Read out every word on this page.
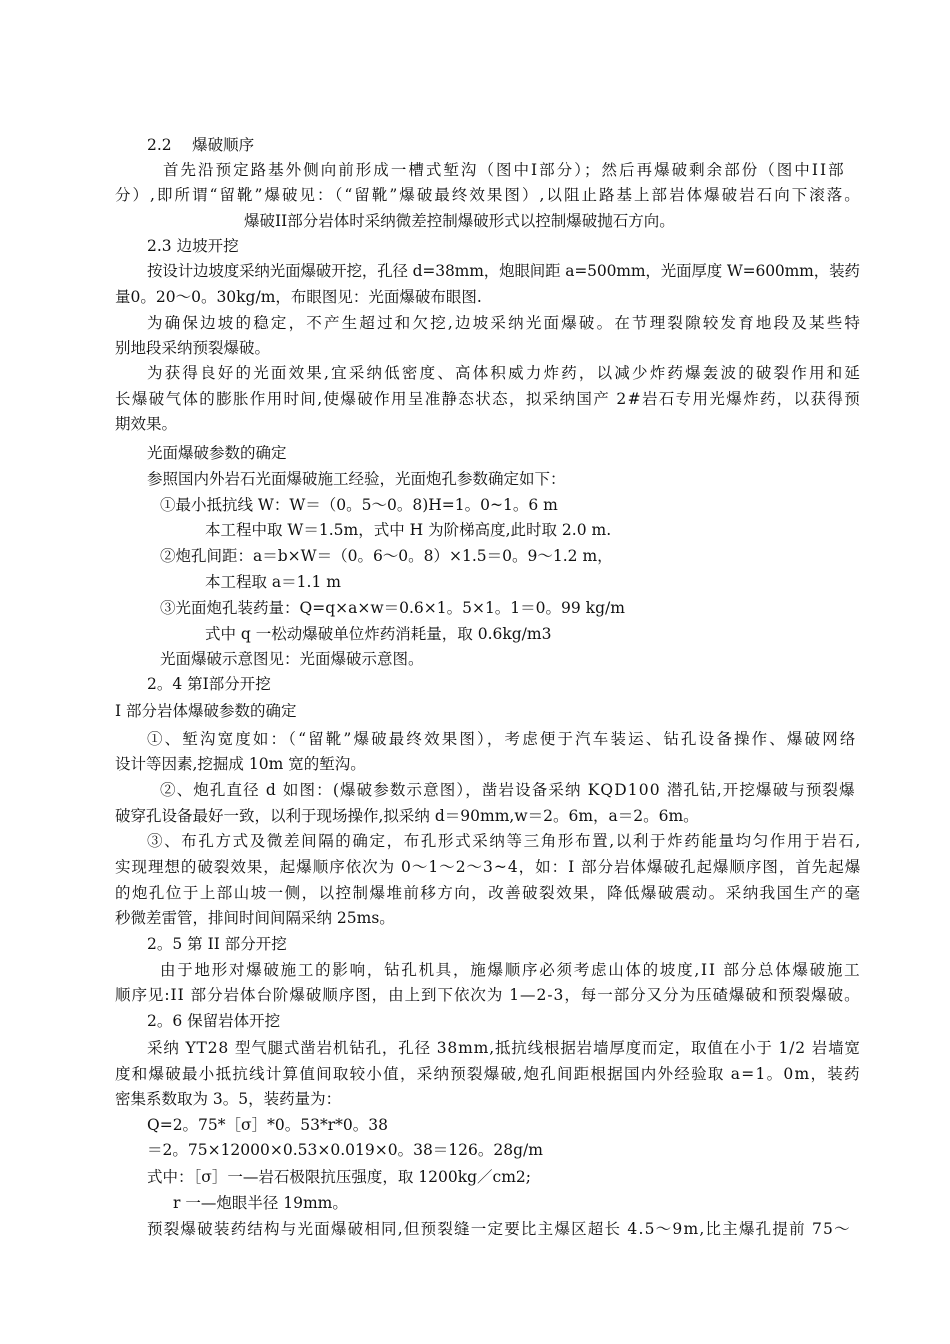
2.2　 爆破顺序
首先沿预定路基外侧向前形成一槽式堑沟（图中Ⅰ部分）；然后再爆破剩余部份（图中II部
分）,即所谓“留靴”爆破见：（“留靴”爆破最终效果图）,以阻止路基上部岩体爆破岩石向下滚落。
爆破II部分岩体时采纳微差控制爆破形式以控制爆破抛石方向。
2.3 边坡开挖
按设计边坡度采纳光面爆破开挖，孔径 d=38mm，炮眼间距 a=500mm，光面厚度 W=600mm，装药
量0。20～0。30kg/m，布眼图见：光面爆破布眼图.
为确保边坡的稳定，不产生超过和欠挖,边坡采纳光面爆破。在节理裂隙较发育地段及某些特
别地段采纳预裂爆破。
为获得良好的光面效果,宜采纳低密度、高体积威力炸药，以减少炸药爆轰波的破裂作用和延
长爆破气体的膨胀作用时间,使爆破作用呈准静态状态，拟采纳国产 2#岩石专用光爆炸药，以获得预
期效果。
光面爆破参数的确定
参照国内外岩石光面爆破施工经验，光面炮孔参数确定如下：
①最小抵抗线 W：W＝（0。5～0。8)H=1。0~1。6 m
本工程中取 W＝1.5m，式中 H 为阶梯高度,此时取 2.0 m.
②炮孔间距：a＝b×W＝（0。6～0。8）×1.5＝0。9～1.2 m，
本工程取 a＝1.1 m
③光面炮孔装药量：Q=q×a×w＝0.6×1。5×1。1＝0。99 kg/m
式中 q 一松动爆破单位炸药消耗量，取 0.6kg/m3
光面爆破示意图见：光面爆破示意图。
2。4 第Ⅰ部分开挖
I 部分岩体爆破参数的确定
①、堑沟宽度如：（“留靴”爆破最终效果图），考虑便于汽车装运、钻孔设备操作、爆破网络
设计等因素,挖掘成 10m 宽的堑沟。
②、炮孔直径 d 如图：(爆破参数示意图），凿岩设备采纳 KQD100 潜孔钻,开挖爆破与预裂爆
破穿孔设备最好一致，以利于现场操作,拟采纳 d＝90mm,w＝2。6m，a＝2。6m。
③、布孔方式及微差间隔的确定，布孔形式采纳等三角形布置,以利于炸药能量均匀作用于岩石,
实现理想的破裂效果，起爆顺序依次为 0～1～2～3~4，如：I 部分岩体爆破孔起爆顺序图，首先起爆
的炮孔位于上部山坡一侧，以控制爆堆前移方向，改善破裂效果，降低爆破震动。采纳我国生产的毫
秒微差雷管，排间时间间隔采纳 25ms。
2。5 第 II 部分开挖
由于地形对爆破施工的影响，钻孔机具，施爆顺序必须考虑山体的坡度,II 部分总体爆破施工
顺序见:II 部分岩体台阶爆破顺序图，由上到下依次为 1—2-3，每一部分又分为压碴爆破和预裂爆破。
2。6 保留岩体开挖
采纳 YT28 型气腿式凿岩机钻孔，孔径 38mm,抵抗线根据岩墙厚度而定，取值在小于 1/2 岩墙宽
度和爆破最小抵抗线计算值间取较小值，采纳预裂爆破,炮孔间距根据国内外经验取 a=1。0m，装药
密集系数取为 3。5，装药量为：
Q=2。75*［σ］*0。53*r*0。38
＝2。75×12000×0.53×0.019×0。38＝126。28g/m
式中：［σ］一—岩石极限抗压强度，取 1200kg／cm2;
r 一—炮眼半径 19mm。
预裂爆破装药结构与光面爆破相同,但预裂缝一定要比主爆区超长 4.5～9m,比主爆孔提前 75～
